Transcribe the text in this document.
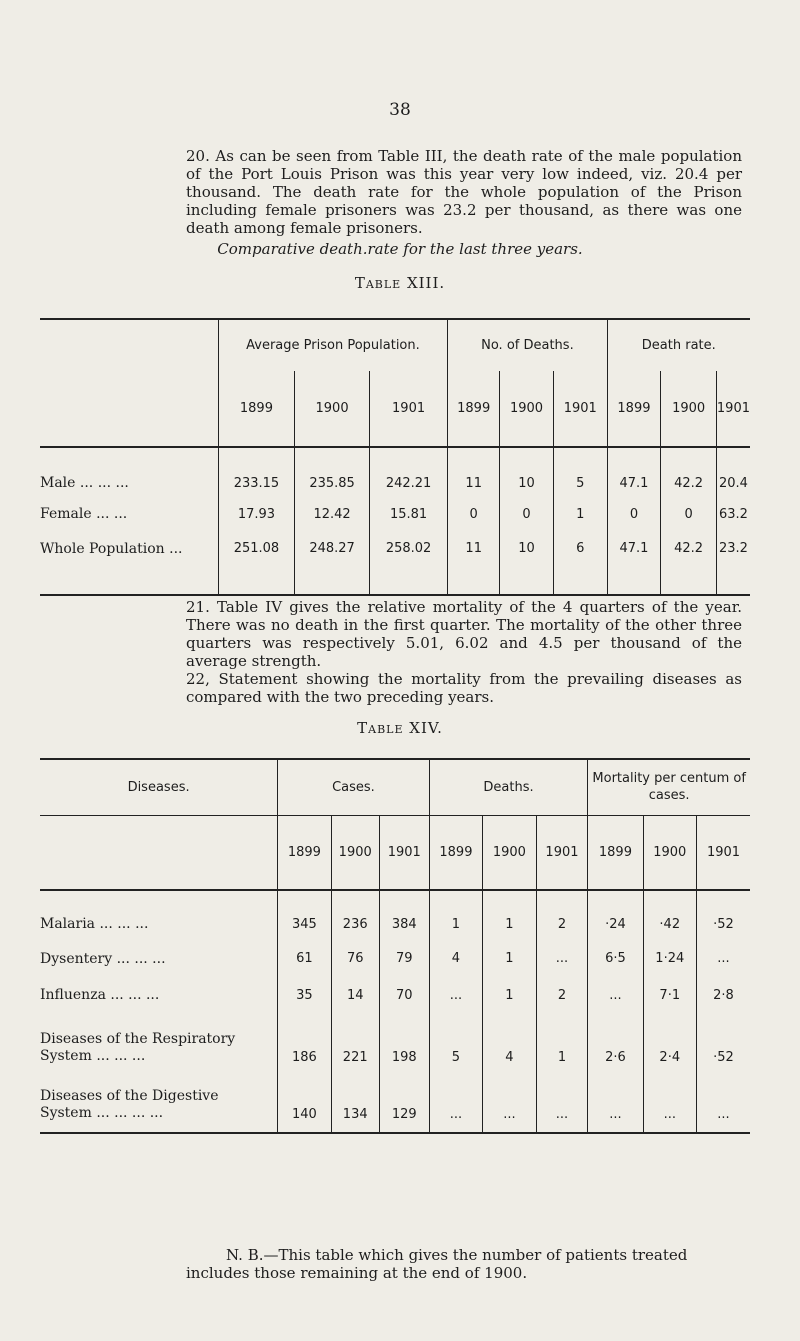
38
20. As can be seen from Table III, the death rate of the male population of the Port Louis Prison was this year very low indeed, viz. 20.4 per thousand. The death rate for the whole population of the Prison including female prisoners was 23.2 per thousand, as there was one death among female prisoners.
Comparative death.rate for the last three years.
Table XIII.
	Average Prison Population.			No. of Deaths.			Death rate.		
	1899	1900	1901	1899	1900	1901	1899	1900	1901
Male ... ... ...	233.15	235.85	242.21	11	10	5	47.1	42.2	20.4
Female ... ...	17.93	12.42	15.81	0	0	1	0	0	63.2
Whole Population ...	251.08	248.27	258.02	11	10	6	47.1	42.2	23.2
21. Table IV gives the relative mortality of the 4 quarters of the year. There was no death in the first quarter. The mortality of the other three quarters was respectively 5.01, 6.02 and 4.5 per thousand of the average strength.
22, Statement showing the mortality from the prevailing diseases as compared with the two preceding years.
Table XIV.
Diseases.	Cases.			Deaths.			Mortality per centum of cases.		
	1899	1900	1901	1899	1900	1901	1899	1900	1901
Malaria ... ... ...	345	236	384	1	1	2	·24	·42	·52
Dysentery ... ... ...	61	76	79	4	1	...	6·5	1·24	...
Influenza ... ... ...	35	14	70	...	1	2	...	7·1	2·8
Diseases of the Respiratory System ... ... ...	186	221	198	5	4	1	2·6	2·4	·52
Diseases of the Digestive System ... ... ... ...	140	134	129	...	...	...	...	...	...
N. B.—This table which gives the number of patients treated includes those remaining at the end of 1900.
